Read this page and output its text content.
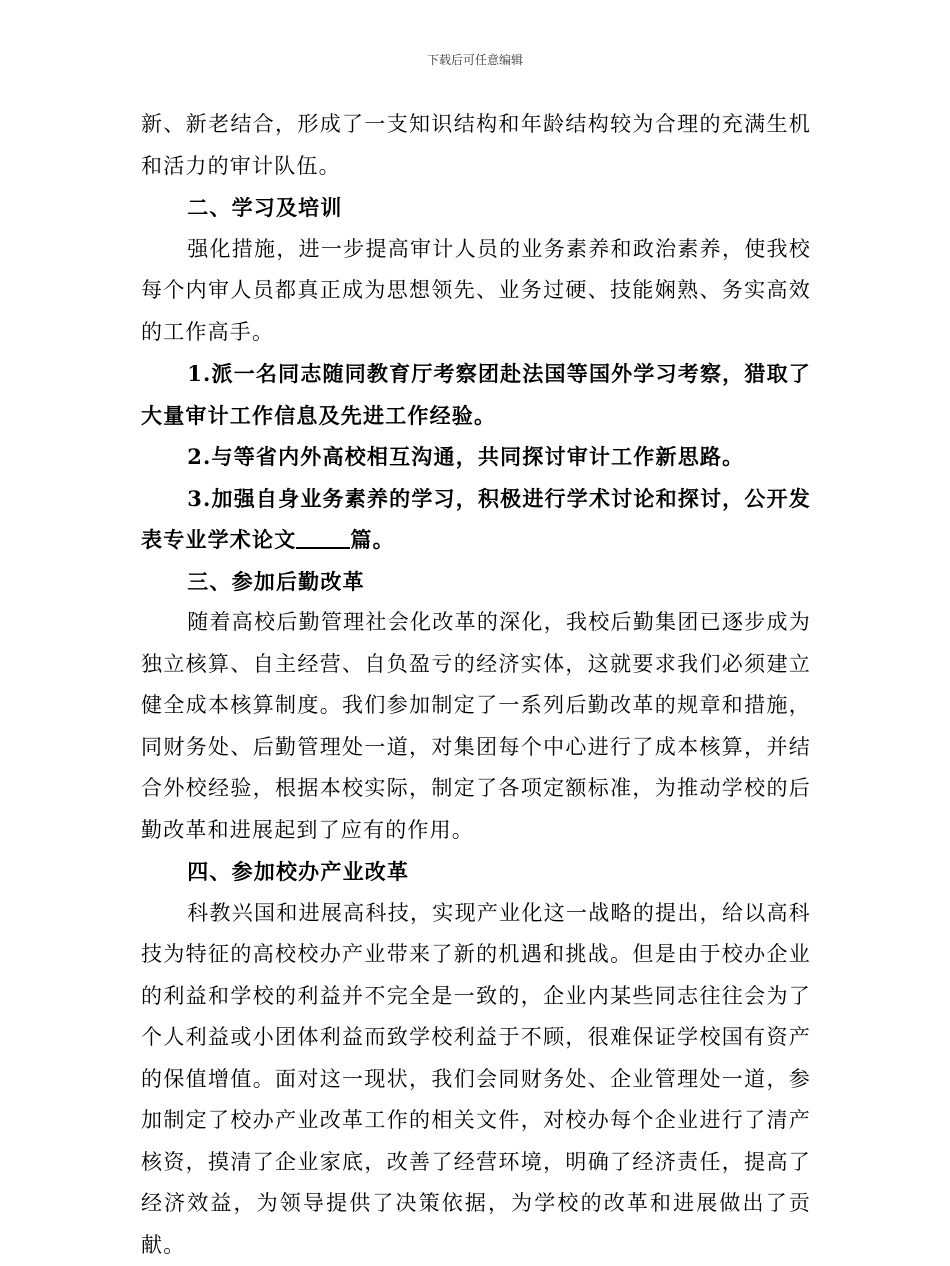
下载后可任意编辑

新、新老结合，形成了一支知识结构和年龄结构较为合理的充满生机和活力的审计队伍。

二、学习及培训

强化措施，进一步提高审计人员的业务素养和政治素养，使我校每个内审人员都真正成为思想领先、业务过硬、技能娴熟、务实高效的工作高手。

1.派一名同志随同教育厅考察团赴法国等国外学习考察，猎取了大量审计工作信息及先进工作经验。

2.与等省内外高校相互沟通，共同探讨审计工作新思路。

3.加强自身业务素养的学习，积极进行学术讨论和探讨，公开发表专业学术论文	篇。

三、参加后勤改革

随着高校后勤管理社会化改革的深化，我校后勤集团已逐步成为独立核算、自主经营、自负盈亏的经济实体，这就要求我们必须建立健全成本核算制度。我们参加制定了一系列后勤改革的规章和措施，同财务处、后勤管理处一道，对集团每个中心进行了成本核算，并结合外校经验，根据本校实际，制定了各项定额标准，为推动学校的后勤改革和进展起到了应有的作用。

四、参加校办产业改革

科教兴国和进展高科技，实现产业化这一战略的提出，给以高科技为特征的高校校办产业带来了新的机遇和挑战。但是由于校办企业的利益和学校的利益并不完全是一致的，企业内某些同志往往会为了个人利益或小团体利益而致学校利益于不顾，很难保证学校国有资产的保值增值。面对这一现状，我们会同财务处、企业管理处一道，参加制定了校办产业改革工作的相关文件，对校办每个企业进行了清产核资，摸清了企业家底，改善了经营环境，明确了经济责任，提高了经济效益，为领导提供了决策依据，为学校的改革和进展做出了贡献。
